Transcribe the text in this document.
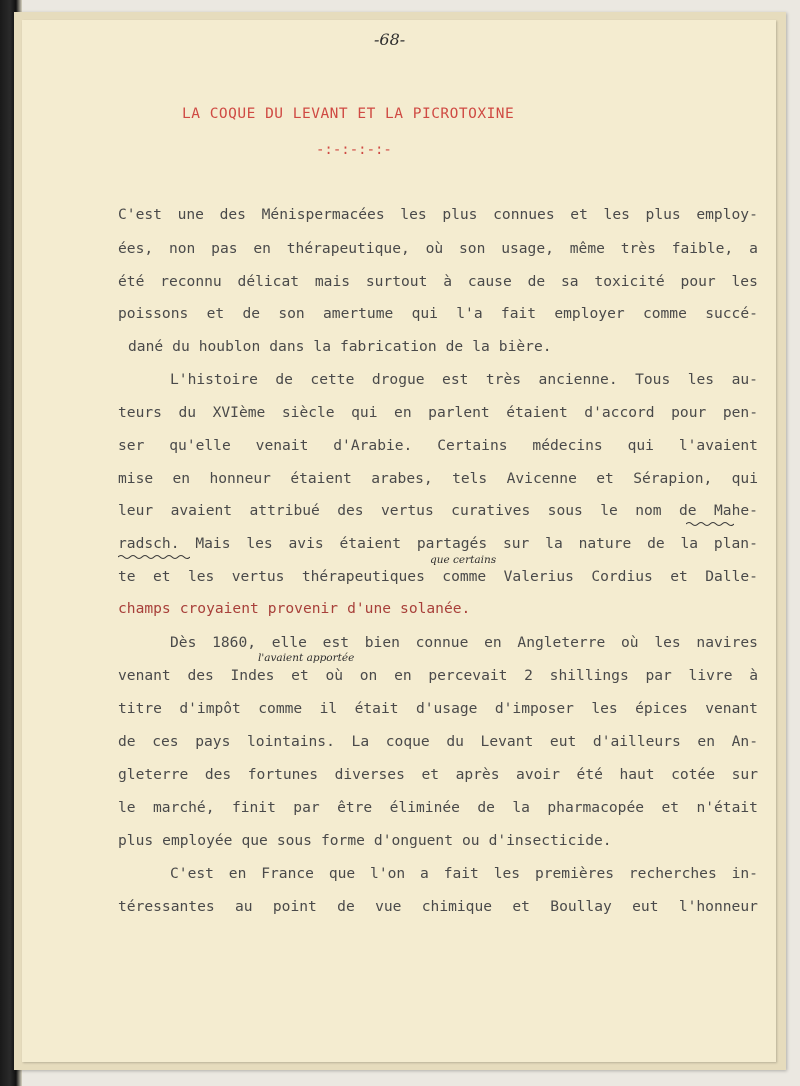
-68-
LA COQUE DU LEVANT ET LA PICROTOXINE
-:-:-:-:-
C'est une des Ménispermacées les plus connues et les plus employ-
ées, non pas en thérapeutique, où son usage, même très faible, a
été reconnu délicat mais surtout à cause de sa toxicité pour les
poissons et de son amertume qui l'a fait employer comme succé-
dané du houblon dans la fabrication de la bière.
L'histoire de cette drogue est très ancienne. Tous les au-
teurs du XVIème siècle qui en parlent étaient d'accord pour pen-
ser qu'elle venait d'Arabie. Certains médecins qui l'avaient
mise en honneur étaient arabes, tels Avicenne et Sérapion, qui
leur avaient attribué des vertus curatives sous le nom de Mahe-
radsch. Mais les avis étaient partagés sur la nature de la plan-
te et les vertus thérapeutiques comme Valerius Cordius et Dalle-
champs croyaient provenir d'une solanée.
Dès 1860, elle est bien connue en Angleterre où les navires
venant des Indes et où on en percevait 2 shillings par livre à
titre d'impôt comme il était d'usage d'imposer les épices venant
de ces pays lointains. La coque du Levant eut d'ailleurs en An-
gleterre des fortunes diverses et après avoir été haut cotée sur
le marché, finit par être éliminée de la pharmacopée et n'était
plus employée que sous forme d'onguent ou d'insecticide.
C'est en France que l'on a fait les premières recherches in-
téressantes au point de vue chimique et Boullay eut l'honneur
que certains
l'avaient apportée
